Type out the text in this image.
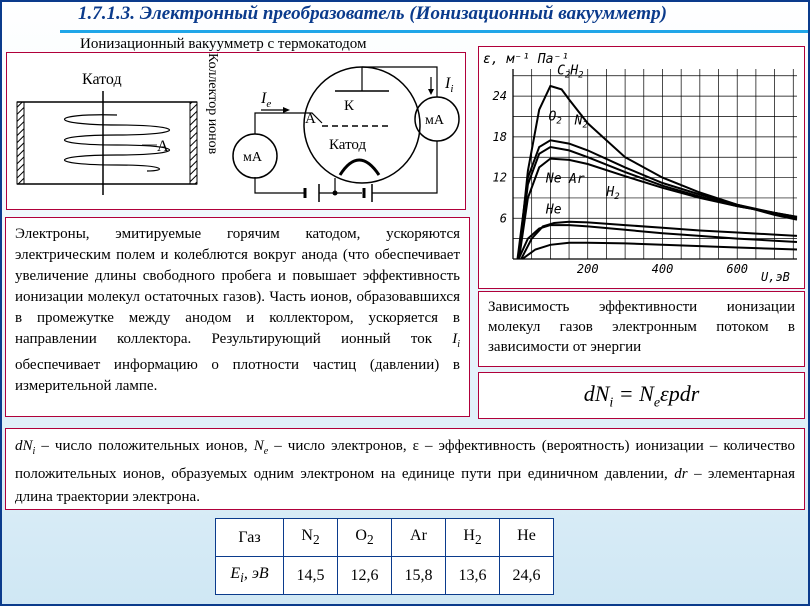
1.7.1.3. Электронный преобразователь (Ионизационный вакуумметр)
Ионизационный вакуумметр с термокатодом
Катод
А	Коллектор ионов	К
А
Катод
$I_i$
мА
мА
$I_e$
6
12
18
24
200	400	600
$C_2H_2$
$O_2$ $N_2$
Ar
Ne
$H_2$
He
ε, м⁻¹ Па⁻¹
U,эВ
Электроны, эмитируемые горячим катодом, ускоряются электрическим полем и колеблются вокруг анода (что обеспечивает увеличение длины свободного пробега и повышает эффективность ионизации молекул остаточных газов). Часть ионов, образовавшихся в промежутке между анодом и коллектором, ускоряется в направлении коллектора. Результирующий ионный ток $I_i$ обеспечивает информацию о плотности частиц (давлении) в измерительной лампе.
Зависимость эффективности ионизации молекул газов электронным потоком в зависимости от энергии
$dN_i = N_e\varepsilon pdr$
$dN_i$ – число положительных ионов, $N_e$ – число электронов, ε – эффективность (вероятность) ионизации – количество положительных ионов, образуемых одним электроном на единице пути при единичном давлении, dr – элементарная длина траектории электрона.
Газ	$N_2$	$O_2$	Ar	$H_2$	He
$E_i$, эВ	14,5	12,6	15,8	13,6	24,6
